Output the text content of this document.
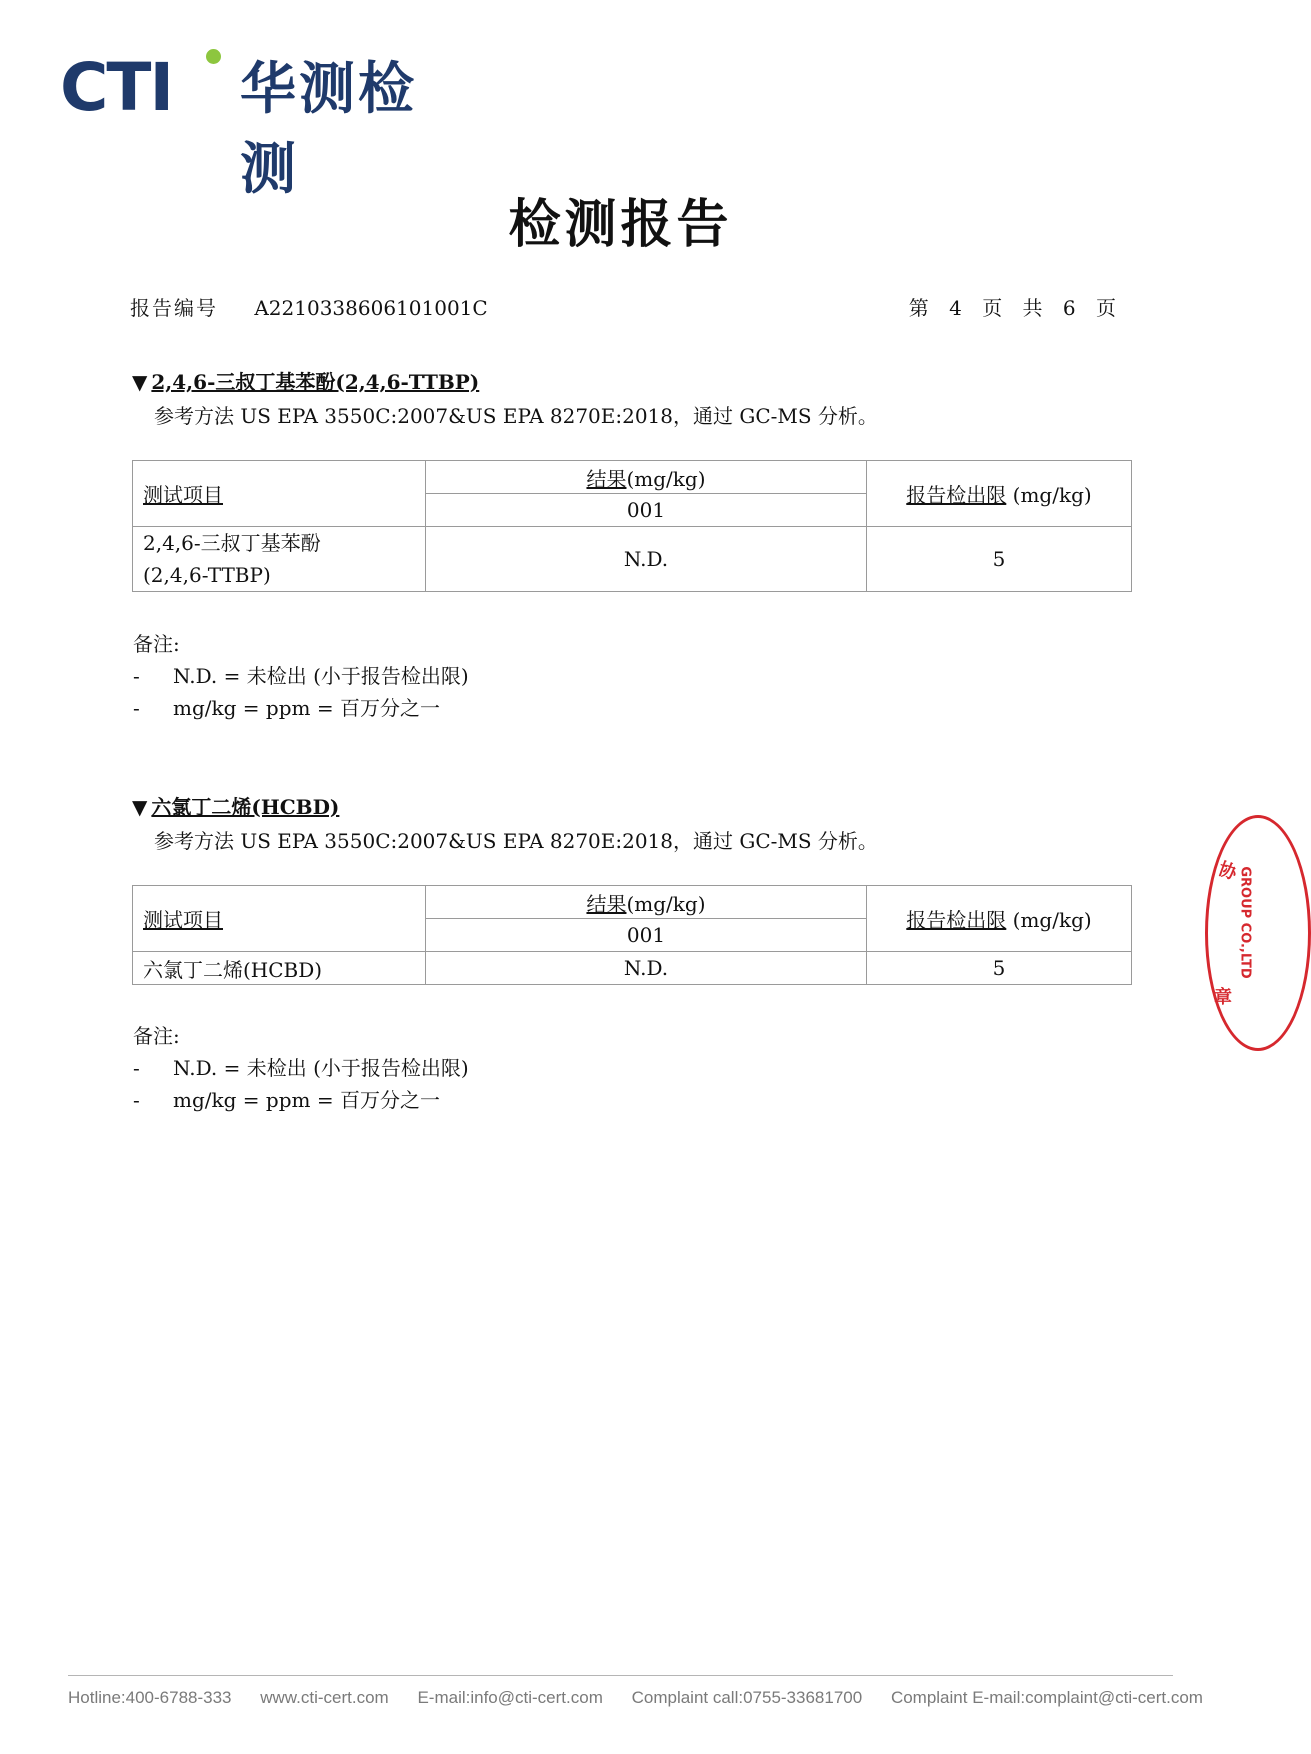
CTI 华测检测
检测报告
报告编号 A2210338606101001C	第 4 页 共 6 页
▼ 2,4,6-三叔丁基苯酚(2,4,6-TTBP)
参考方法 US EPA 3550C:2007&US EPA 8270E:2018，通过 GC-MS 分析。
测试项目	结果(mg/kg)	报告检出限 (mg/kg)
	001	

2,4,6-三叔丁基苯酚
(2,4,6-TTBP)	N.D.	5
备注:
-	N.D. = 未检出 (小于报告检出限)
-	mg/kg = ppm = 百万分之一
▼ 六氯丁二烯(HCBD)
参考方法 US EPA 3550C:2007&US EPA 8270E:2018，通过 GC-MS 分析。
测试项目	结果(mg/kg)	报告检出限 (mg/kg)
	001	
六氯丁二烯(HCBD)	N.D.	5
备注:
-	N.D. = 未检出 (小于报告检出限)
-	mg/kg = ppm = 百万分之一
协
GROUP CO.,LTD
章
Hotline:400-6788-333 www.cti-cert.com E-mail:info@cti-cert.com Complaint call:0755-33681700 Complaint E-mail:complaint@cti-cert.com
